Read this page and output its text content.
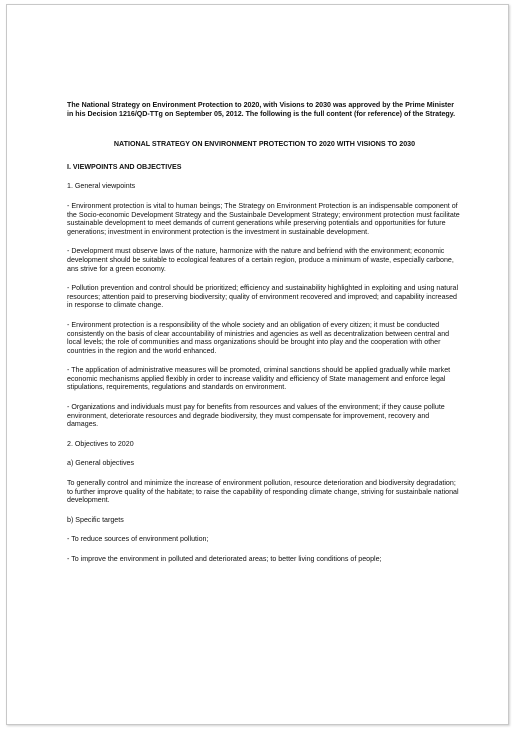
The National Strategy on Environment Protection to 2020, with Visions to 2030 was approved by the Prime Minister in his Decision 1216/QD-TTg on September 05, 2012. The following is the full content (for reference) of the Strategy.

NATIONAL STRATEGY ON ENVIRONMENT PROTECTION TO 2020 WITH VISIONS TO 2030

I. VIEWPOINTS AND OBJECTIVES

1. General viewpoints

- Environment protection is vital to human beings; The Strategy on Environment Protection is an indispensable component of the Socio-economic Development Strategy and the Sustainbale Development Strategy; environment protection must facilitate sustainable development to meet demands of current generations while preserving potentials and opportunities for future generations; investment in environment protection is the investment in sustainable development.

- Development must observe laws of the nature, harmonize with the nature and befriend with the environment; economic development should be suitable to ecological features of a certain region, produce a minimum of waste, especially carbone, ans strive for a green economy.

- Pollution prevention and control should be prioritized; efficiency and sustainability highlighted in exploiting and using natural resources; attention paid to preserving biodiversity; quality of environment recovered and improved; and capability increased in response to climate change.

- Environment protection is a responsibility of the whole society and an obligation of every citizen; it must be conducted consistently on the basis of clear accountability of ministries and agencies as well as decentralization between central and local levels; the role of communities and mass organizations should be brought into play and the cooperation with other countries in the region and the world enhanced.

- The application of administrative measures will be promoted, criminal sanctions should be applied gradually while market economic mechanisms applied flexibly in order to increase validity and efficiency of State management and enforce legal stipulations, requirements, regulations and standards on environment.

- Organizations and individuals must pay for benefits from resources and values of the environment; if they cause pollute environment, deteriorate resources and degrade biodiversity, they must compensate for improvement, recovery and damages.

2. Objectives to 2020

a) General objectives

To generally control and minimize the increase of environment pollution, resource deterioration and biodiversity degradation; to further improve quality of the habitate; to raise the capability of responding climate change, striving for sustainbale national development.

b) Specific targets

- To reduce sources of environment pollution;

- To improve the environment in polluted and deteriorated areas; to better living conditions of people;
